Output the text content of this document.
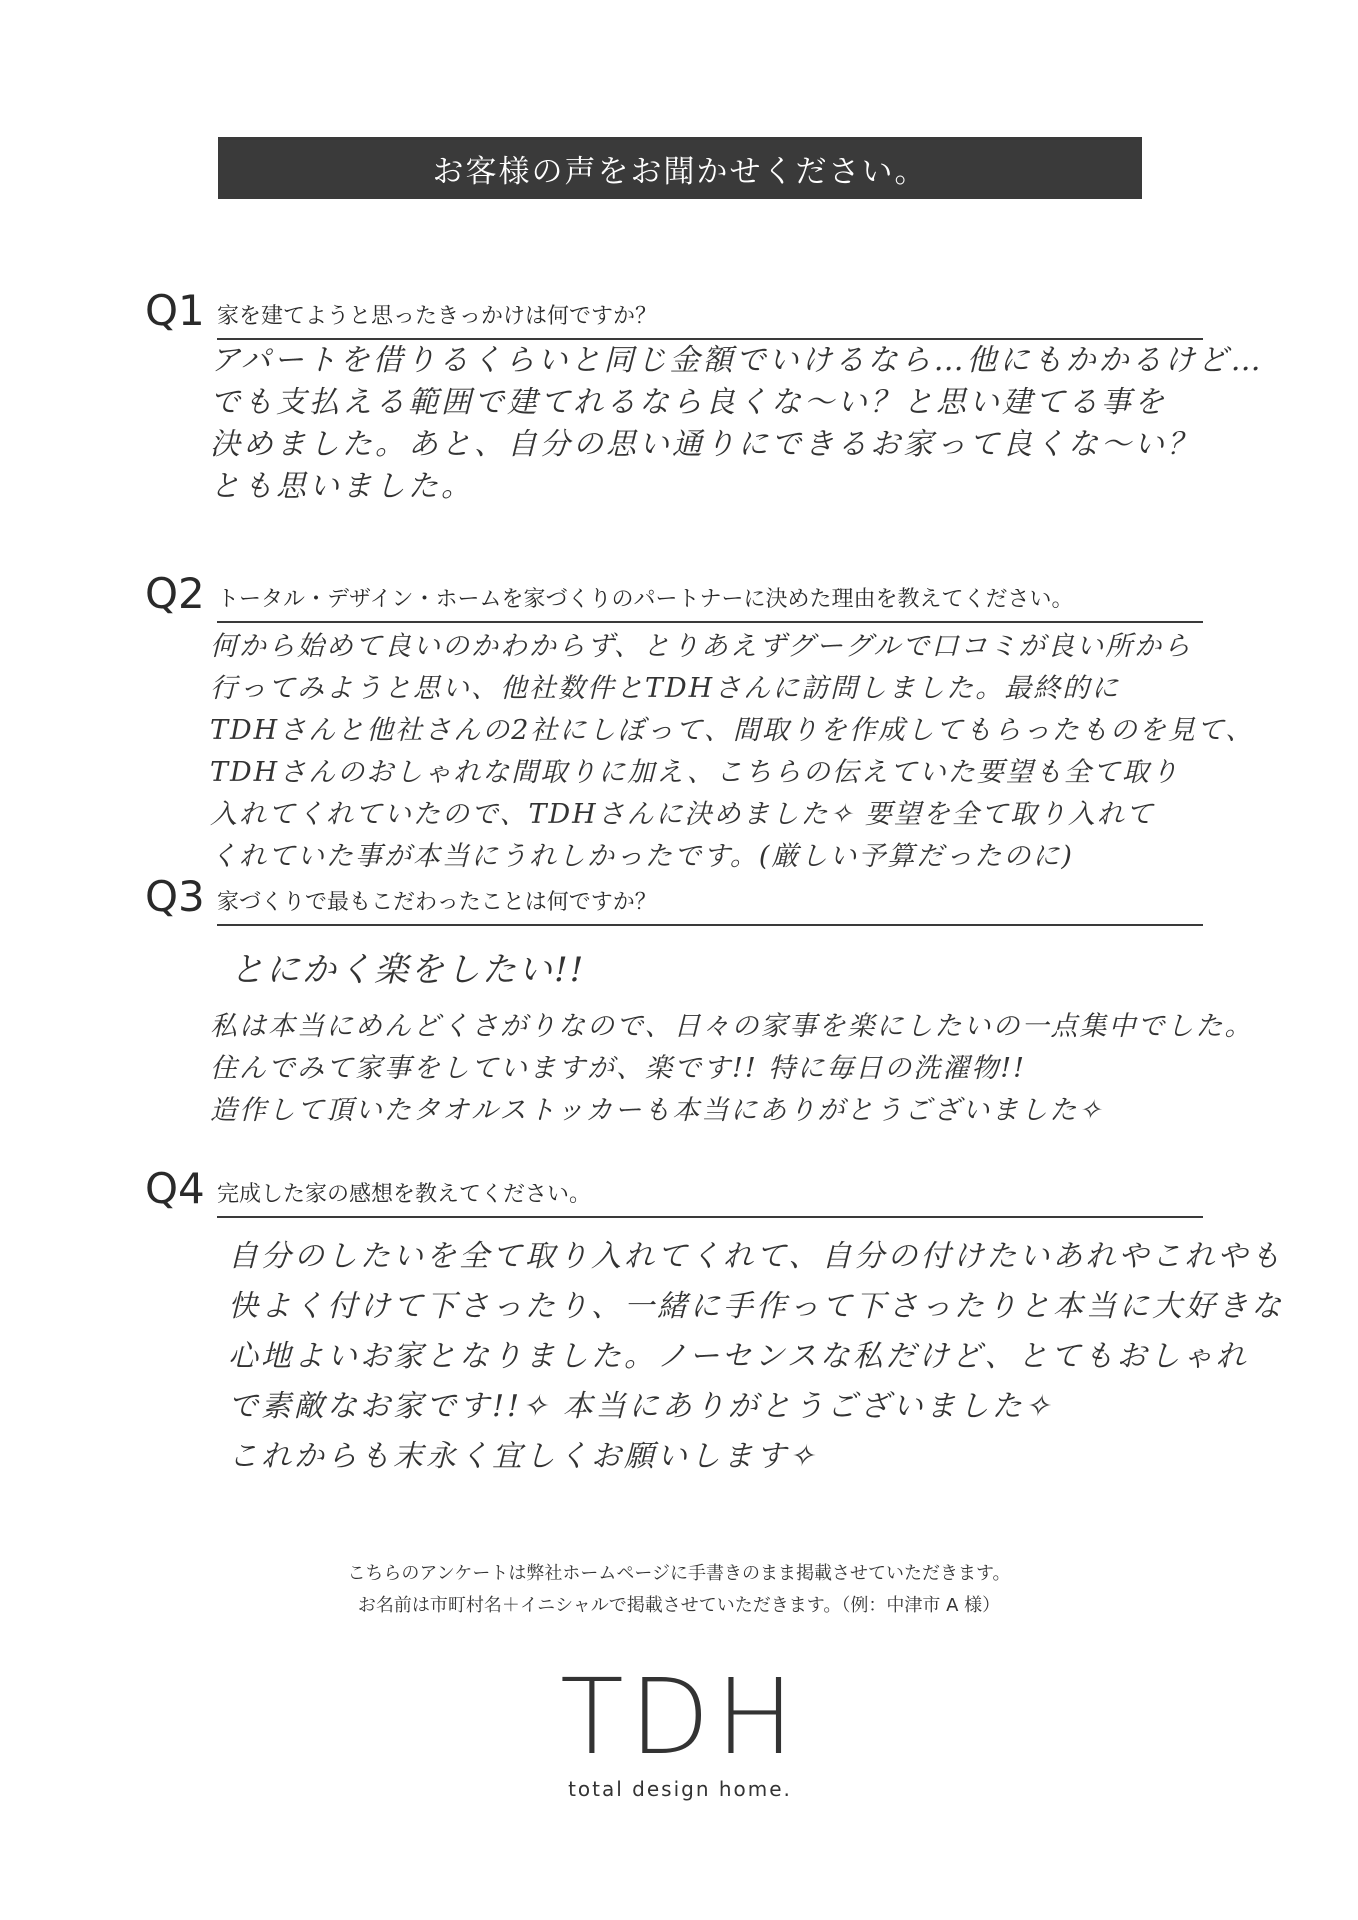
お客様の声をお聞かせください。
Q1 家を建てようと思ったきっかけは何ですか？
アパートを借りるくらいと同じ金額でいけるなら…他にもかかるけど…
でも支払える範囲で建てれるなら良くな〜い？と思い建てる事を
決めました。あと、自分の思い通りにできるお家って良くな〜い？
とも思いました。
Q2 トータル・デザイン・ホームを家づくりのパートナーに決めた理由を教えてください。
何から始めて良いのかわからず、とりあえずグーグルで口コミが良い所から
行ってみようと思い、他社数件とTDHさんに訪問しました。最終的に
TDHさんと他社さんの2社にしぼって、間取りを作成してもらったものを見て、
TDHさんのおしゃれな間取りに加え、こちらの伝えていた要望も全て取り
入れてくれていたので、TDHさんに決めました✧ 要望を全て取り入れて
くれていた事が本当にうれしかったです。(厳しい予算だったのに)
Q3 家づくりで最もこだわったことは何ですか？
とにかく楽をしたい!!
私は本当にめんどくさがりなので、日々の家事を楽にしたいの一点集中でした。
住んでみて家事をしていますが、楽です!! 特に毎日の洗濯物!!
造作して頂いたタオルストッカーも本当にありがとうございました✧
Q4 完成した家の感想を教えてください。
自分のしたいを全て取り入れてくれて、自分の付けたいあれやこれやも
快よく付けて下さったり、一緒に手作って下さったりと本当に大好きな
心地よいお家となりました。ノーセンスな私だけど、とてもおしゃれ
で素敵なお家です!!✧ 本当にありがとうございました✧
これからも末永く宜しくお願いします✧
こちらのアンケートは弊社ホームページに手書きのまま掲載させていただきます。
お名前は市町村名＋イニシャルで掲載させていただきます。（例：中津市 A 様）
TDH
total design home.
